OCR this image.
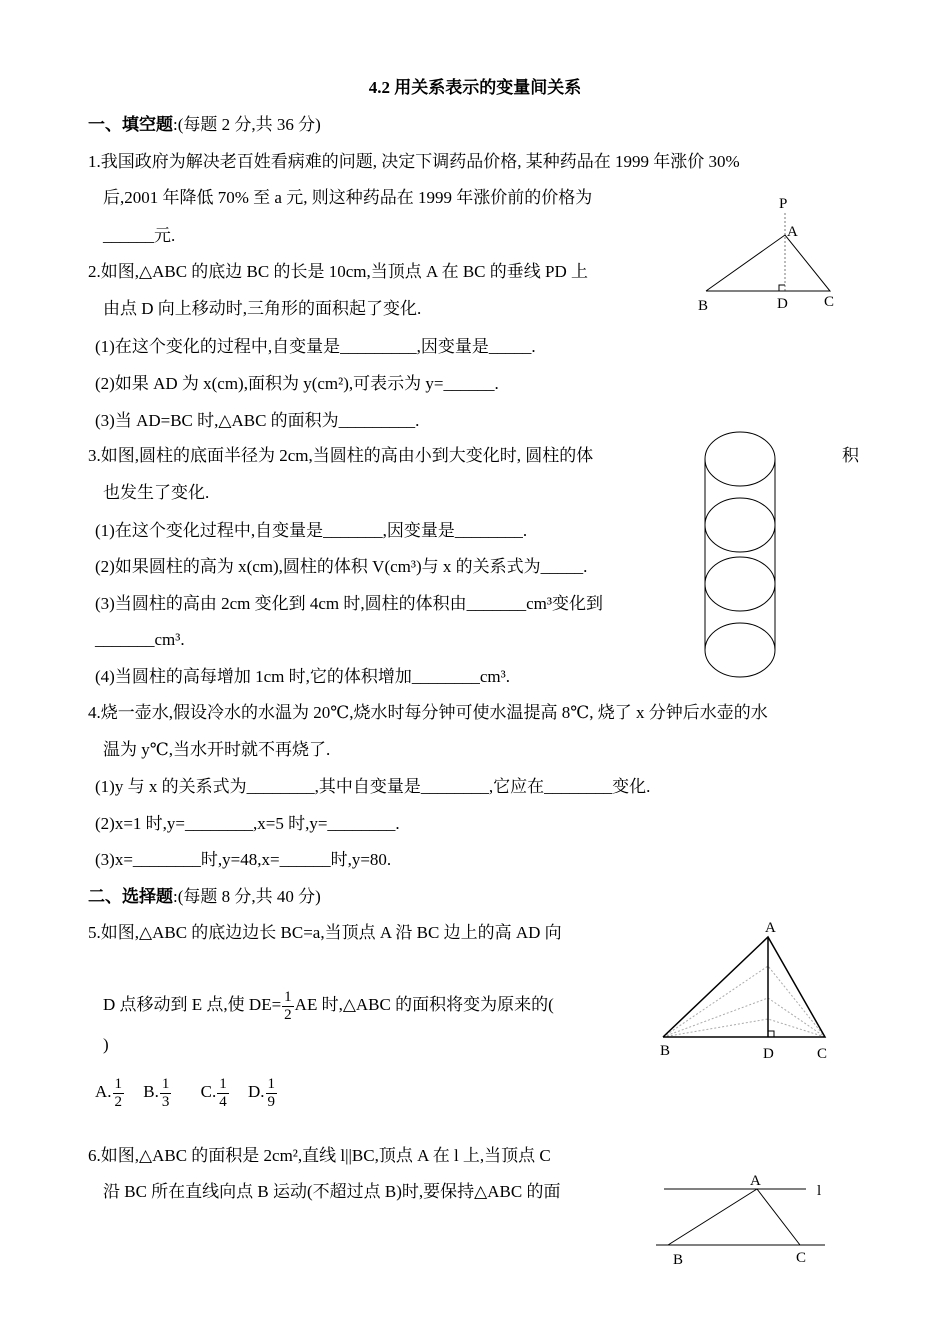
4.2 用关系表示的变量间关系
一、填空题:(每题 2 分,共 36 分)
1.我国政府为解决老百姓看病难的问题, 决定下调药品价格, 某种药品在 1999 年涨价 30%
后,2001 年降低 70% 至 a 元, 则这种药品在 1999 年涨价前的价格为
______元.
2.如图,△ABC 的底边 BC 的长是 10cm,当顶点 A 在 BC 的垂线 PD 上
由点 D 向上移动时,三角形的面积起了变化.
(1)在这个变化的过程中,自变量是_________,因变量是_____.
(2)如果 AD 为 x(cm),面积为 y(cm²),可表示为 y=______.
(3)当 AD=BC 时,△ABC 的面积为_________.
3.如图,圆柱的底面半径为 2cm,当圆柱的高由小到大变化时, 圆柱的体	积
也发生了变化.
(1)在这个变化过程中,自变量是_______,因变量是________.
(2)如果圆柱的高为 x(cm),圆柱的体积 V(cm³)与 x 的关系式为_____.
(3)当圆柱的高由 2cm 变化到 4cm 时,圆柱的体积由_______cm³变化到
_______cm³.
(4)当圆柱的高每增加 1cm 时,它的体积增加________cm³.
4.烧一壶水,假设冷水的水温为 20℃,烧水时每分钟可使水温提高 8℃, 烧了 x 分钟后水壶的水
温为 y℃,当水开时就不再烧了.
(1)y 与 x 的关系式为________,其中自变量是________,它应在________变化.
(2)x=1 时,y=________,x=5 时,y=________.
(3)x=________时,y=48,x=______时,y=80.
二、选择题:(每题 8 分,共 40 分)
5.如图,△ABC 的底边边长 BC=a,当顶点 A 沿 BC 边上的高 AD 向
D 点移动到 E 点,使 $DE= \frac{1}{2}$ AE 时,△ABC 的面积将变为原来的(
)
A. $\frac{1}{2} B$. $\frac{1}{3} C$. $\frac{1}{4} D$. $\frac{1}{9}$
6.如图,△ABC 的面积是 2cm²,直线 l||BC,顶点 A 在 l 上,当顶点 C
沿 BC 所在直线向点 B 运动(不超过点 B)时,要保持△ABC 的面
P
A
B	D C
A
B	D	C
A
l
B	C
